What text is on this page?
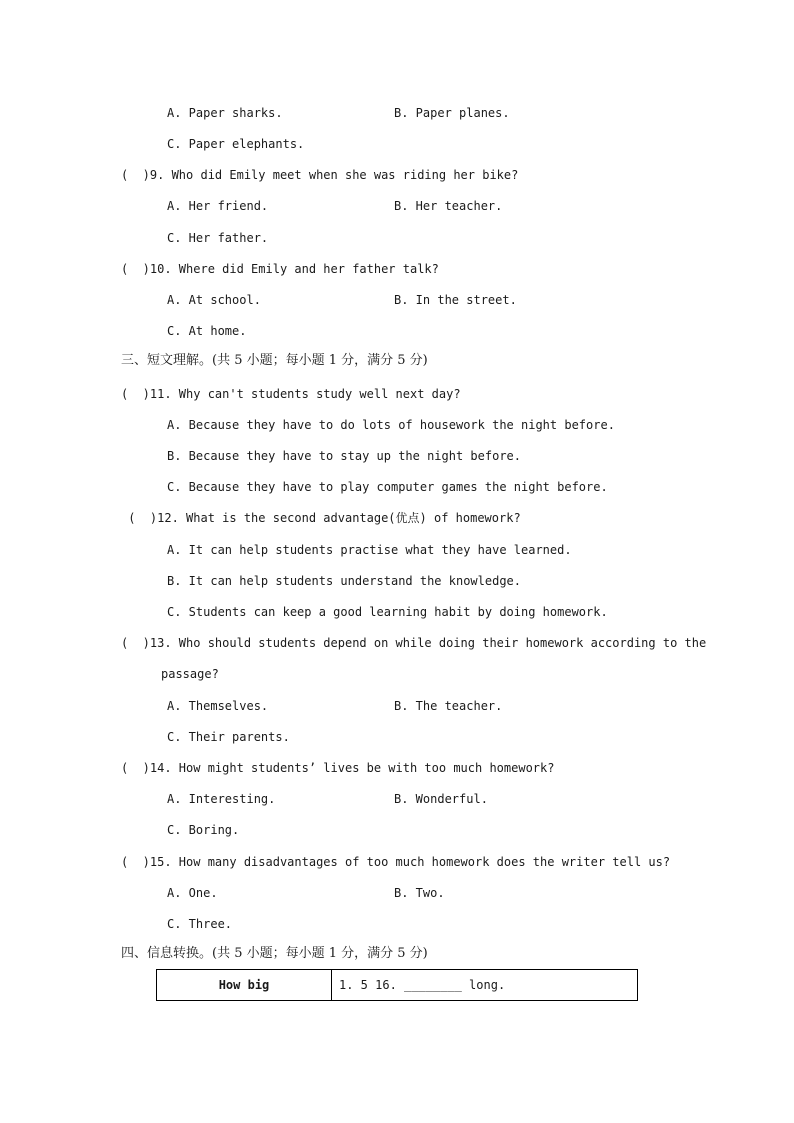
A. Paper sharks.	B. Paper planes.
C. Paper elephants.
(  )9. Who did Emily meet when she was riding her bike?
A. Her friend.	B. Her teacher.
C. Her father.
(  )10. Where did Emily and her father talk?
A. At school.	B. In the street.
C. At home.
三、短文理解。(共 5 小题；每小题 1 分，满分 5 分)
(  )11. Why can't students study well next day?
A. Because they have to do lots of housework the night before.
B. Because they have to stay up the night before.
C. Because they have to play computer games the night before.
(  )12. What is the second advantage(优点) of homework?
A. It can help students practise what they have learned.
B. It can help students understand the knowledge.
C. Students can keep a good learning habit by doing homework.
(  )13. Who should students depend on while doing their homework according to the
passage?
A. Themselves.	B. The teacher.
C. Their parents.
(  )14. How might students’ lives be with too much homework?
A. Interesting.	B. Wonderful.
C. Boring.
(  )15. How many disadvantages of too much homework does the writer tell us?
A. One.	B. Two.
C. Three.
四、信息转换。(共 5 小题；每小题 1 分，满分 5 分)
How big	1. 5 16. ________ long.
